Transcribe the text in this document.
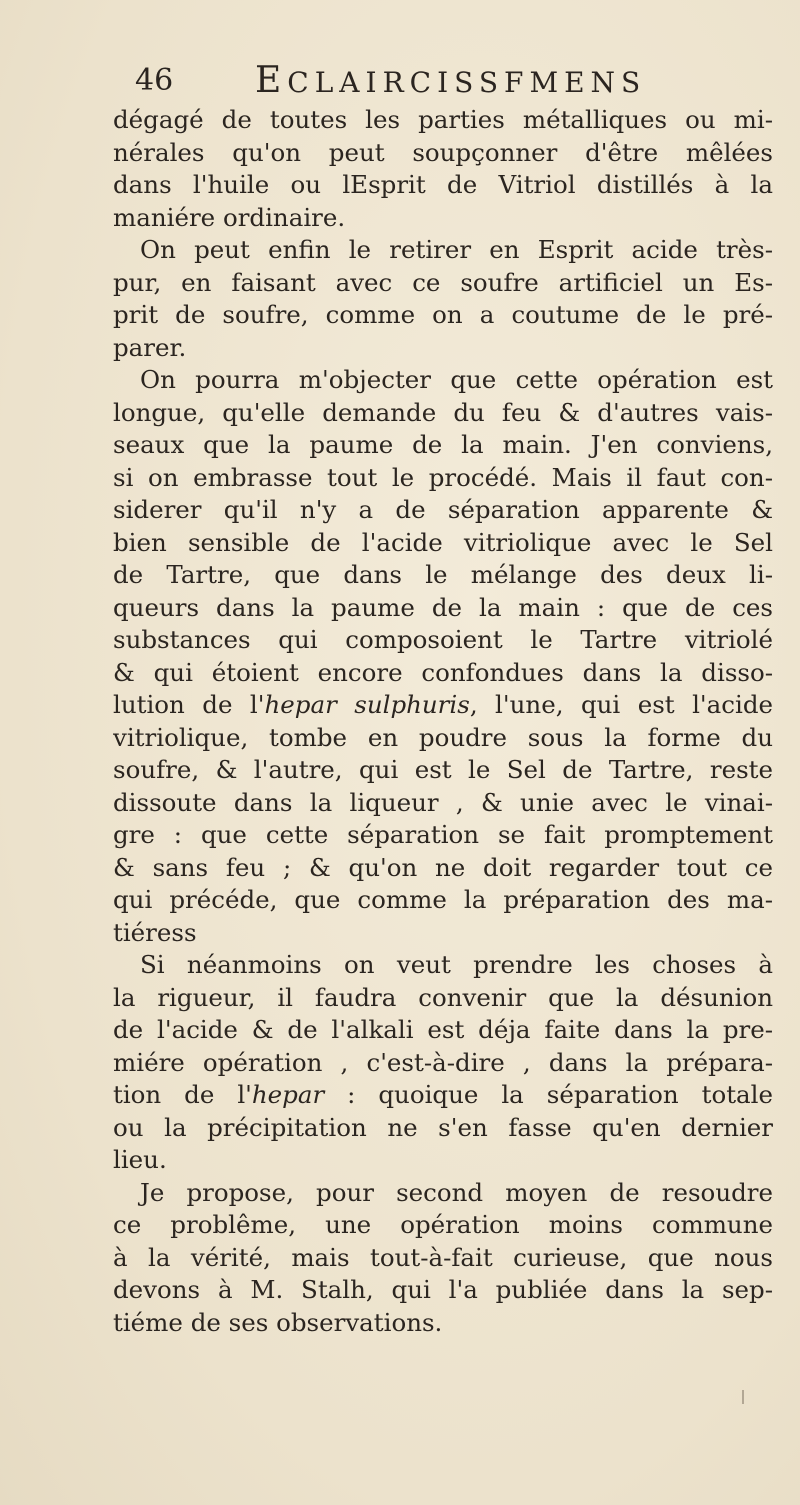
46 ECLAIRCISSFMENS
dégagé de toutes les parties métalliques ou mi-
nérales qu'on peut soupçonner d'être mêlées
dans l'huile ou lEsprit de Vitriol distillés à la
maniére ordinaire.
On peut enfin le retirer en Esprit acide très-
pur, en faisant avec ce soufre artificiel un Es-
prit de soufre, comme on a coutume de le pré-
parer.
On pourra m'objecter que cette opération est
longue, qu'elle demande du feu & d'autres vais-
seaux que la paume de la main. J'en conviens,
si on embrasse tout le procédé. Mais il faut con-
siderer qu'il n'y a de séparation apparente &
bien sensible de l'acide vitriolique avec le Sel
de Tartre, que dans le mélange des deux li-
queurs dans la paume de la main : que de ces
substances qui composoient le Tartre vitriolé
& qui étoient encore confondues dans la disso-
lution de l'hepar sulphuris, l'une, qui est l'acide
vitriolique, tombe en poudre sous la forme du
soufre, & l'autre, qui est le Sel de Tartre, reste
dissoute dans la liqueur , & unie avec le vinai-
gre : que cette séparation se fait promptement
& sans feu ; & qu'on ne doit regarder tout ce
qui précéde, que comme la préparation des ma-
tiéress
Si néanmoins on veut prendre les choses à
la rigueur, il faudra convenir que la désunion
de l'acide & de l'alkali est déja faite dans la pre-
miére opération , c'est-à-dire , dans la prépara-
tion de l'hepar : quoique la séparation totale
ou la précipitation ne s'en fasse qu'en dernier
lieu.
Je propose, pour second moyen de resoudre
ce problême, une opération moins commune
à la vérité, mais tout-à-fait curieuse, que nous
devons à M. Stalh, qui l'a publiée dans la sep-
tiéme de ses observations.
